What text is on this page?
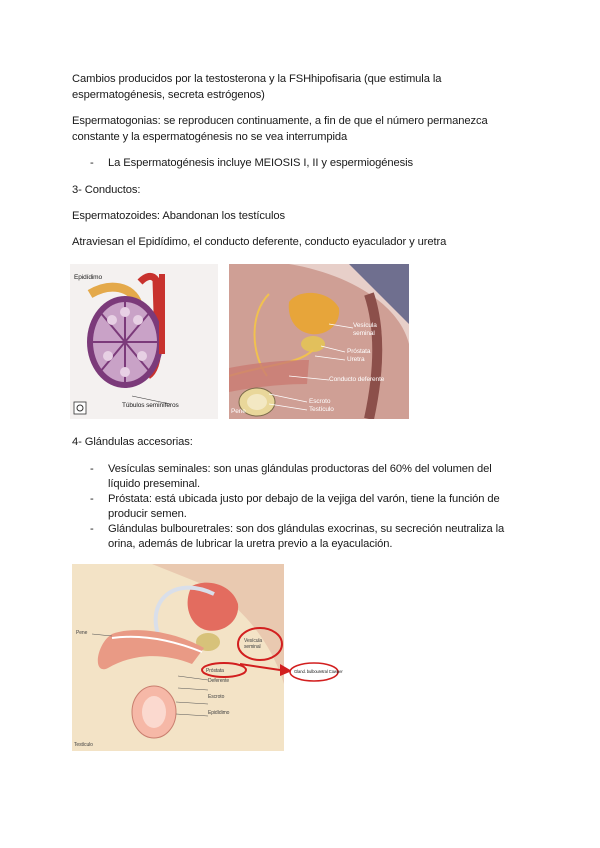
Cambios producidos por la testosterona y la FSHhipofisaria (que estimula la
espermatogénesis, secreta estrógenos)
Espermatogonias: se reproducen continuamente, a fin de que el número permanezca
constante y la espermatogénesis no se vea interrumpida
- La Espermatogénesis incluye MEIOSIS I, II y espermiogénesis
3- Conductos:
Espermatozoides: Abandonan los testículos
Atraviesan el Epidídimo, el conducto deferente, conducto eyaculador y uretra
Epidídimo
Túbulos seminíferos
Vesícula
seminal
Próstata
Uretra
Conducto deferente
Escroto
Testículo
Pene
4- Glándulas accesorias:
- Vesículas seminales: son unas glándulas productoras del 60% del volumen del
líquido preseminal.
- Próstata: está ubicada justo por debajo de la vejiga del varón, tiene la función de
producir semen.
- Glándulas bulbouretrales: son dos glándulas exocrinas, su secreción neutraliza la
orina, además de lubricar la uretra previo a la eyaculación.
Pene
Vesícula
seminal
Próstata
Deferente
Escroto
Epidídimo
Testículo
Gland. bulbouretral Cowper
